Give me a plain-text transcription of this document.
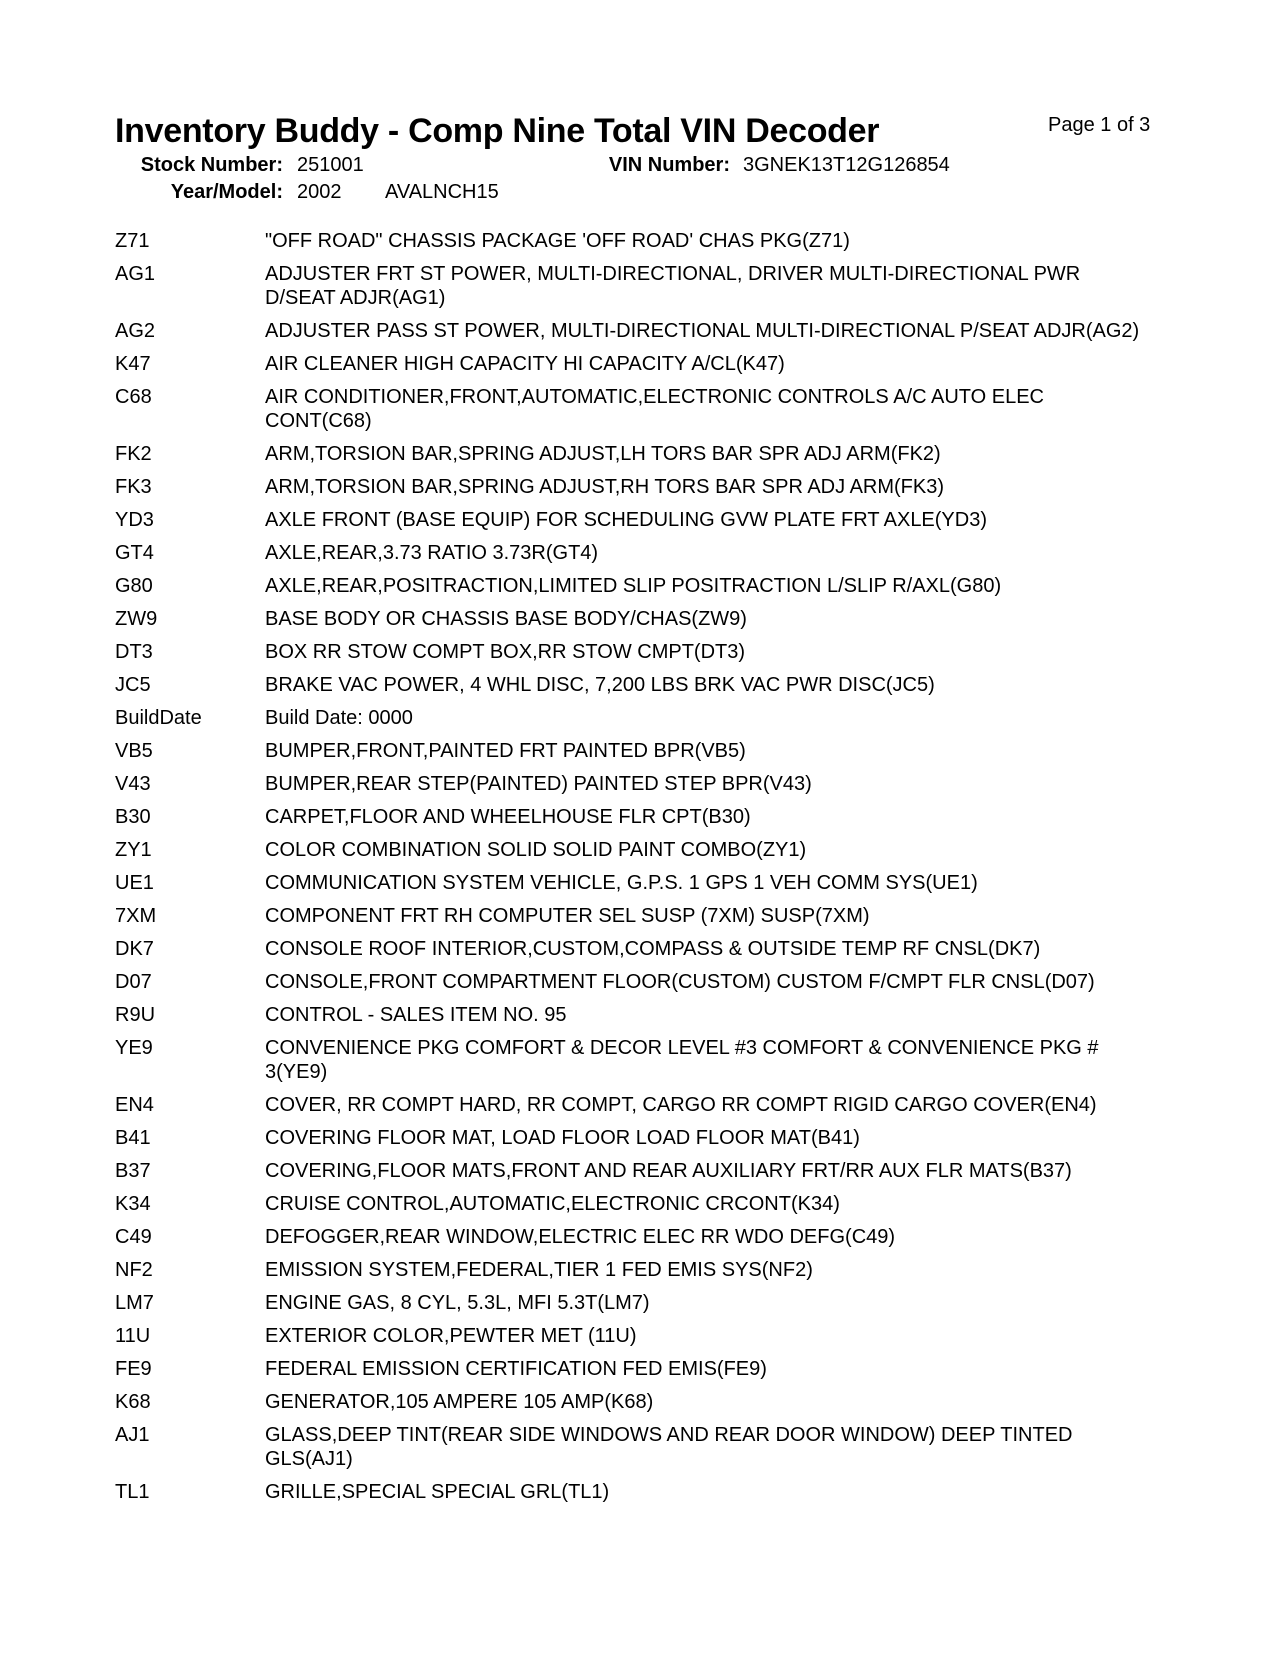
Inventory Buddy - Comp Nine Total VIN Decoder	Page 1 of 3
Stock Number: 251001	VIN Number: 3GNEK13T12G126854
Year/Model: 2002 AVALNCH15
Z71	"OFF ROAD" CHASSIS PACKAGE 'OFF ROAD' CHAS PKG(Z71)
AG1	ADJUSTER FRT ST POWER, MULTI-DIRECTIONAL, DRIVER MULTI-DIRECTIONAL PWR D/SEAT ADJR(AG1)
AG2	ADJUSTER PASS ST POWER, MULTI-DIRECTIONAL MULTI-DIRECTIONAL P/SEAT ADJR(AG2)
K47	AIR CLEANER HIGH CAPACITY HI CAPACITY A/CL(K47)
C68	AIR CONDITIONER,FRONT,AUTOMATIC,ELECTRONIC CONTROLS A/C AUTO ELEC CONT(C68)
FK2	ARM,TORSION BAR,SPRING ADJUST,LH TORS BAR SPR ADJ ARM(FK2)
FK3	ARM,TORSION BAR,SPRING ADJUST,RH TORS BAR SPR ADJ ARM(FK3)
YD3	AXLE FRONT (BASE EQUIP) FOR SCHEDULING GVW PLATE FRT AXLE(YD3)
GT4	AXLE,REAR,3.73 RATIO 3.73R(GT4)
G80	AXLE,REAR,POSITRACTION,LIMITED SLIP POSITRACTION L/SLIP R/AXL(G80)
ZW9	BASE BODY OR CHASSIS BASE BODY/CHAS(ZW9)
DT3	BOX RR STOW COMPT BOX,RR STOW CMPT(DT3)
JC5	BRAKE VAC POWER, 4 WHL DISC, 7,200 LBS BRK VAC PWR DISC(JC5)
BuildDate	Build Date: 0000
VB5	BUMPER,FRONT,PAINTED FRT PAINTED BPR(VB5)
V43	BUMPER,REAR STEP(PAINTED) PAINTED STEP BPR(V43)
B30	CARPET,FLOOR AND WHEELHOUSE FLR CPT(B30)
ZY1	COLOR COMBINATION SOLID SOLID PAINT COMBO(ZY1)
UE1	COMMUNICATION SYSTEM VEHICLE, G.P.S. 1 GPS 1 VEH COMM SYS(UE1)
7XM	COMPONENT FRT RH COMPUTER SEL SUSP (7XM) SUSP(7XM)
DK7	CONSOLE ROOF INTERIOR,CUSTOM,COMPASS & OUTSIDE TEMP RF CNSL(DK7)
D07	CONSOLE,FRONT COMPARTMENT FLOOR(CUSTOM) CUSTOM F/CMPT FLR CNSL(D07)
R9U	CONTROL - SALES ITEM NO. 95
YE9	CONVENIENCE PKG COMFORT & DECOR LEVEL #3 COMFORT & CONVENIENCE PKG # 3(YE9)
EN4	COVER, RR COMPT HARD, RR COMPT, CARGO RR COMPT RIGID CARGO COVER(EN4)
B41	COVERING FLOOR MAT, LOAD FLOOR LOAD FLOOR MAT(B41)
B37	COVERING,FLOOR MATS,FRONT AND REAR AUXILIARY FRT/RR AUX FLR MATS(B37)
K34	CRUISE CONTROL,AUTOMATIC,ELECTRONIC CRCONT(K34)
C49	DEFOGGER,REAR WINDOW,ELECTRIC ELEC RR WDO DEFG(C49)
NF2	EMISSION SYSTEM,FEDERAL,TIER 1 FED EMIS SYS(NF2)
LM7	ENGINE GAS, 8 CYL, 5.3L, MFI 5.3T(LM7)
11U	EXTERIOR COLOR,PEWTER MET (11U)
FE9	FEDERAL EMISSION CERTIFICATION FED EMIS(FE9)
K68	GENERATOR,105 AMPERE 105 AMP(K68)
AJ1	GLASS,DEEP TINT(REAR SIDE WINDOWS AND REAR DOOR WINDOW) DEEP TINTED GLS(AJ1)
TL1	GRILLE,SPECIAL SPECIAL GRL(TL1)
